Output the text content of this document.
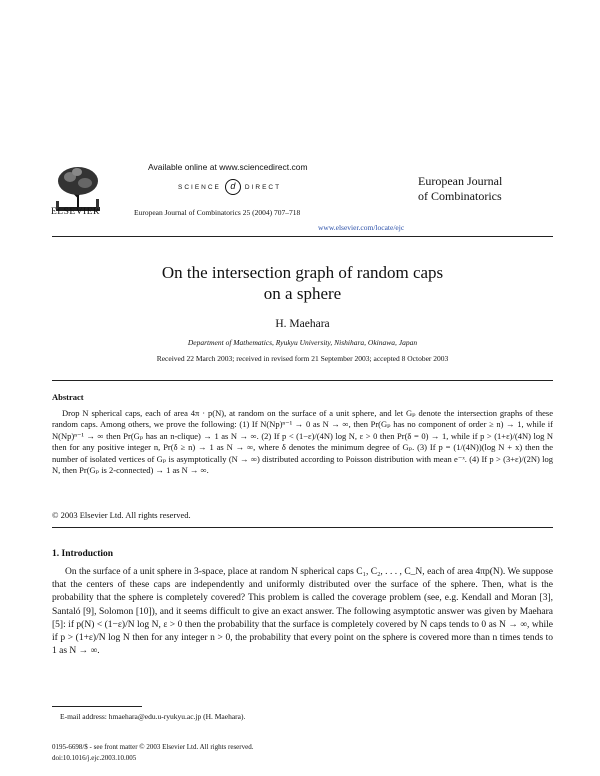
ELSEVIER
Available online at www.sciencedirect.com
SCIENCE	d	DIRECT
European Journal of Combinatorics 25 (2004) 707–718
European Journal
of Combinatorics
www.elsevier.com/locate/ejc
On the intersection graph of random caps
on a sphere
H. Maehara
Department of Mathematics, Ryukyu University, Nishihara, Okinawa, Japan
Received 22 March 2003; received in revised form 21 September 2003; accepted 8 October 2003
Abstract

Drop N spherical caps, each of area 4π · p(N), at random on the surface of a unit sphere, and let Gₚ denote the intersection graphs of these random caps. Among others, we prove the following: (1) If N(Np)ⁿ⁻¹ → 0 as N → ∞, then Pr(Gₚ has no component of order ≥ n) → 1, while if N(Np)ⁿ⁻¹ → ∞ then Pr(Gₚ has an n-clique) → 1 as N → ∞. (2) If p < (1−ε)/(4N) log N, ε > 0 then Pr(δ = 0) → 1, while if p > (1+ε)/(4N) log N then for any positive integer n, Pr(δ ≥ n) → 1 as N → ∞, where δ denotes the minimum degree of Gₚ. (3) If p = (1/(4N))(log N + x) then the number of isolated vertices of Gₚ is asymptotically (N → ∞) distributed according to Poisson distribution with mean e⁻ˣ. (4) If p > (3+ε)/(2N) log N, then Pr(Gₚ is 2-connected) → 1 as N → ∞.

© 2003 Elsevier Ltd. All rights reserved.
1. Introduction

On the surface of a unit sphere in 3-space, place at random N spherical caps C₁, C₂, . . . , C_N, each of area 4πp(N). We suppose that the centers of these caps are independently and uniformly distributed over the surface of the sphere. Then, what is the probability that the sphere is completely covered? This problem is called the coverage problem (see, e.g. Kendall and Moran [3], Santaló [9], Solomon [10]), and it seems difficult to give an exact answer. The following asymptotic answer was given by Maehara [5]: if p(N) < (1−ε)/N log N, ε > 0 then the probability that the surface is completely covered by N caps tends to 0 as N → ∞, while if p > (1+ε)/N log N then for any integer n > 0, the probability that every point on the sphere is covered more than n times tends to 1 as N → ∞.

E-mail address: hmaehara@edu.u-ryukyu.ac.jp (H. Maehara).
0195-6698/$ - see front matter © 2003 Elsevier Ltd. All rights reserved.
doi:10.1016/j.ejc.2003.10.005
